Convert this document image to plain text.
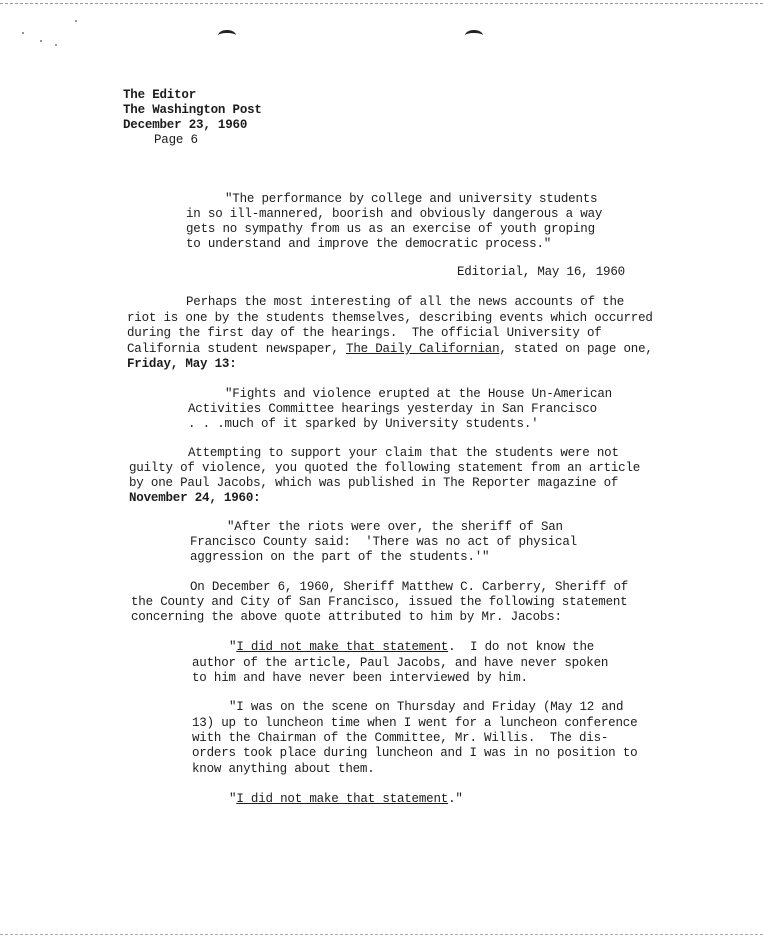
The Editor
The Washington Post
December 23, 1960
Page 6
"The performance by college and university students
in so ill-mannered, boorish and obviously dangerous a way
gets no sympathy from us as an exercise of youth groping
to understand and improve the democratic process."
Editorial, May 16, 1960
Perhaps the most interesting of all the news accounts of the
riot is one by the students themselves, describing events which occurred
during the first day of the hearings.  The official University of
California student newspaper, The Daily Californian, stated on page one,
Friday, May 13:
"Fights and violence erupted at the House Un-American
Activities Committee hearings yesterday in San Francisco
. . .much of it sparked by University students.'
Attempting to support your claim that the students were not
guilty of violence, you quoted the following statement from an article
by one Paul Jacobs, which was published in The Reporter magazine of
November 24, 1960:
"After the riots were over, the sheriff of San
Francisco County said:  'There was no act of physical
aggression on the part of the students.'"
On December 6, 1960, Sheriff Matthew C. Carberry, Sheriff of
the County and City of San Francisco, issued the following statement
concerning the above quote attributed to him by Mr. Jacobs:
"I did not make that statement.  I do not know the
author of the article, Paul Jacobs, and have never spoken
to him and have never been interviewed by him.
"I was on the scene on Thursday and Friday (May 12 and
13) up to luncheon time when I went for a luncheon conference
with the Chairman of the Committee, Mr. Willis.  The dis-
orders took place during luncheon and I was in no position to
know anything about them.
"I did not make that statement."
